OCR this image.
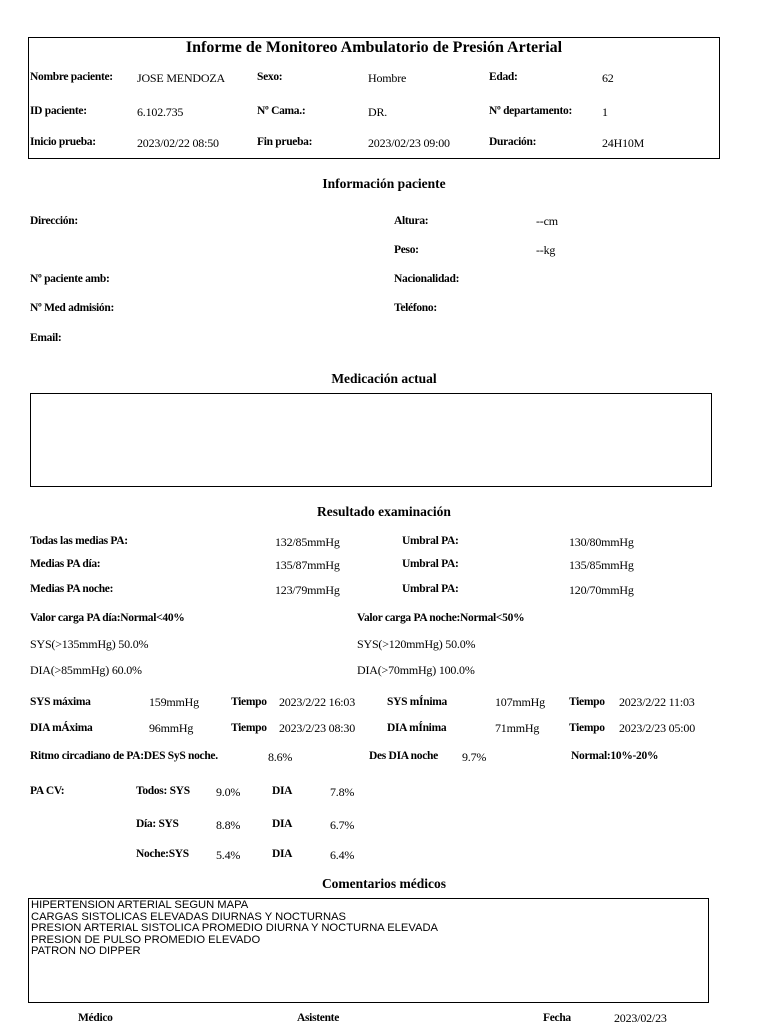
Informe de Monitoreo Ambulatorio de Presión Arterial
Nombre paciente: JOSE MENDOZA	Sexo:	Hombre	Edad:	62
ID paciente:	6.102.735	Nº Cama.:	DR.	Nº departamento:	1
Inicio prueba:	2023/02/22 08:50	Fin prueba:	2023/02/23 09:00	Duración:	24H10M
Información paciente
Dirección:	Altura:	--cm
Peso:	--kg
Nº paciente amb:	Nacionalidad:
Nº Med admisión:	Teléfono:
Email:
Medicación actual
Resultado examinación
Todas las medias PA:	132/85mmHg	Umbral PA:	130/80mmHg
Medias PA día:	135/87mmHg	Umbral PA:	135/85mmHg
Medias PA noche:	123/79mmHg	Umbral PA:	120/70mmHg
Valor carga PA día:Normal<40%
SYS(>135mmHg) 50.0%
DIA(>85mmHg) 60.0%
Valor carga PA noche:Normal<50%
SYS(>120mmHg) 50.0%
DIA(>70mmHg) 100.0%
SYS máxima	159mmHg	Tiempo 2023/2/22 16:03	SYS mÍnima	107mmHg Tiempo 2023/2/22 11:03
DIA mÁxima	96mmHg	Tiempo 2023/2/23 08:30	DIA mÍnima	71mmHg	Tiempo 2023/2/23 05:00
Ritmo circadiano de PA:DES SyS noche.	8.6%	Des DIA noche 9.7%	Normal:10%-20%
PA CV:	Todos: SYS 9.0%	DIA	7.8%
Día: SYS	8.8%	DIA	6.7%
Noche:SYS 5.4%	DIA	6.4%
Comentarios médicos
HIPERTENSION ARTERIAL SEGUN MAPA
CARGAS SISTOLICAS ELEVADAS DIURNAS Y NOCTURNAS
PRESION ARTERIAL SISTOLICA PROMEDIO DIURNA Y NOCTURNA ELEVADA
PRESION DE PULSO PROMEDIO ELEVADO
PATRON NO DIPPER
Médico	Asistente	Fecha	2023/02/23
